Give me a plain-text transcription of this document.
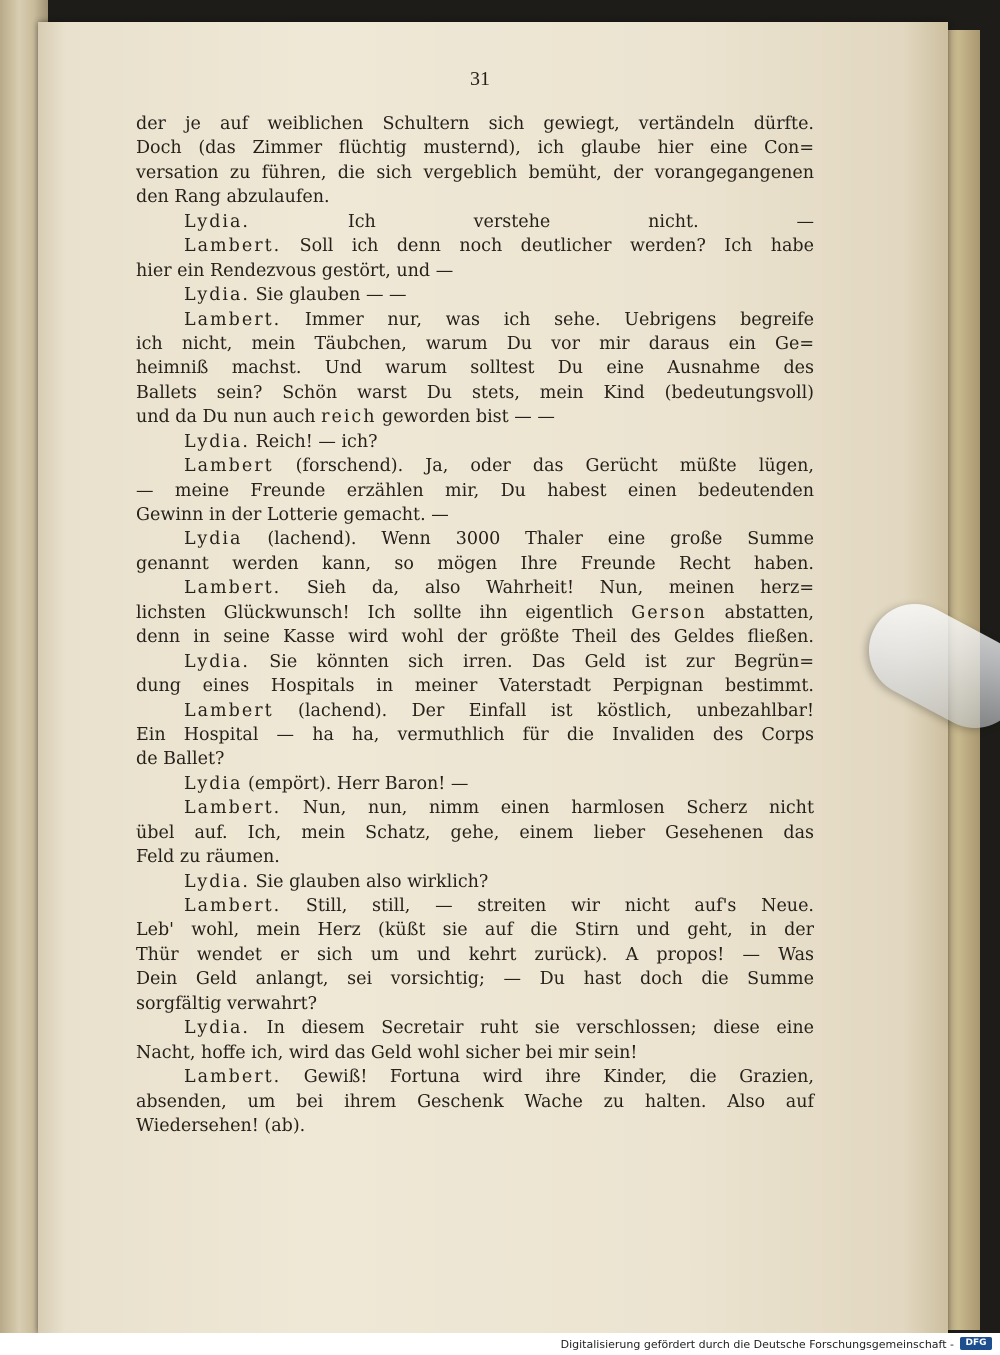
31
der je auf weiblichen Schultern sich gewiegt, vertändeln dürfte.
Doch (das Zimmer flüchtig musternd), ich glaube hier eine Con=
versation zu führen, die sich vergeblich bemüht, der vorangegangenen
den Rang abzulaufen.
Lydia. Ich verstehe nicht. —
Lambert. Soll ich denn noch deutlicher werden? Ich habe
hier ein Rendezvous gestört, und —
Lydia. Sie glauben — —
Lambert. Immer nur, was ich sehe. Uebrigens begreife
ich nicht, mein Täubchen, warum Du vor mir daraus ein Ge=
heimniß machst. Und warum solltest Du eine Ausnahme des
Ballets sein? Schön warst Du stets, mein Kind (bedeutungsvoll)
und da Du nun auch reich geworden bist — —
Lydia. Reich! — ich?
Lambert (forschend). Ja, oder das Gerücht müßte lügen,
— meine Freunde erzählen mir, Du habest einen bedeutenden
Gewinn in der Lotterie gemacht. —
Lydia (lachend). Wenn 3000 Thaler eine große Summe
genannt werden kann, so mögen Ihre Freunde Recht haben.
Lambert. Sieh da, also Wahrheit! Nun, meinen herz=
lichsten Glückwunsch! Ich sollte ihn eigentlich Gerson abstatten,
denn in seine Kasse wird wohl der größte Theil des Geldes fließen.
Lydia. Sie könnten sich irren. Das Geld ist zur Begrün=
dung eines Hospitals in meiner Vaterstadt Perpignan bestimmt.
Lambert (lachend). Der Einfall ist köstlich, unbezahlbar!
Ein Hospital — ha ha, vermuthlich für die Invaliden des Corps
de Ballet?
Lydia (empört). Herr Baron! —
Lambert. Nun, nun, nimm einen harmlosen Scherz nicht
übel auf. Ich, mein Schatz, gehe, einem lieber Gesehenen das
Feld zu räumen.
Lydia. Sie glauben also wirklich?
Lambert. Still, still, — streiten wir nicht auf's Neue.
Leb' wohl, mein Herz (küßt sie auf die Stirn und geht, in der
Thür wendet er sich um und kehrt zurück). A propos! — Was
Dein Geld anlangt, sei vorsichtig; — Du hast doch die Summe
sorgfältig verwahrt?
Lydia. In diesem Secretair ruht sie verschlossen; diese eine
Nacht, hoffe ich, wird das Geld wohl sicher bei mir sein!
Lambert. Gewiß! Fortuna wird ihre Kinder, die Grazien,
absenden, um bei ihrem Geschenk Wache zu halten. Also auf
Wiedersehen! (ab).
Digitalisierung gefördert durch die Deutsche Forschungsgemeinschaft -	DFG
